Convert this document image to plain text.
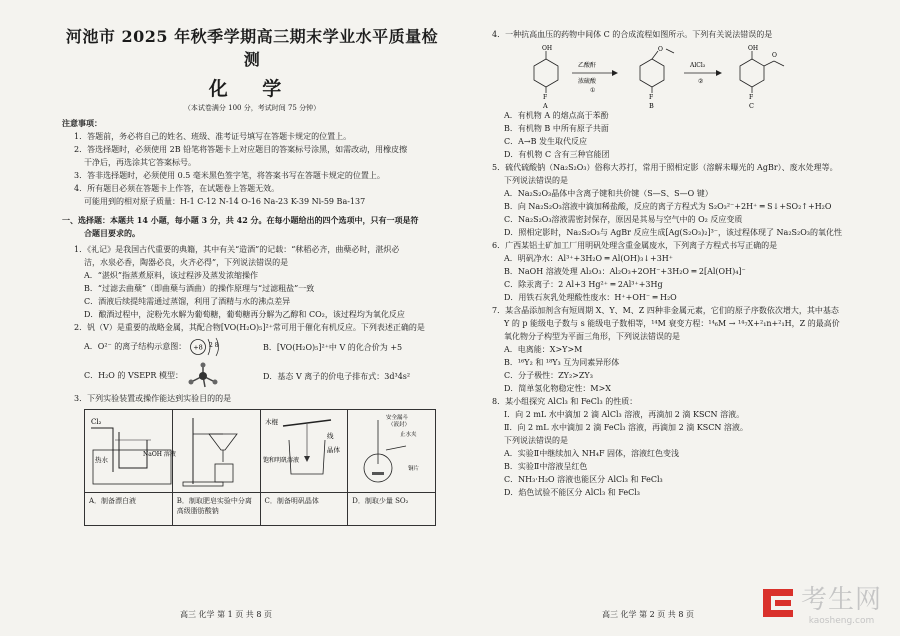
河池市 2025 年秋季学期高三期末学业水平质量检测
化 学
（本试卷满分 100 分，考试时间 75 分钟）
注意事项：
1．答题前，务必将自己的姓名、班级、准考证号填写在答题卡规定的位置上。
2．答选择题时，必须使用 2B 铅笔将答题卡上对应题目的答案标号涂黑，如需改动，用橡皮擦
干净后，再选涂其它答案标号。
3．答非选择题时，必须使用 0.5 毫米黑色签字笔，将答案书写在答题卡规定的位置上。
4．所有题目必须在答题卡上作答，在试题卷上答题无效。
可能用到的相对原子质量：H-1 C-12 N-14 O-16 Na-23 K-39 Ni-59 Ba-137
一、选择题：本题共 14 小题，每小题 3 分，共 42 分。在每小题给出的四个选项中，只有一项是符
合题目要求的。
1．《礼记》是我国古代重要的典籍，其中有关“造酒”的记载：“秫稻必齐，曲蘖必时，湛炽必
洁，水泉必香，陶器必良，火齐必得”，下列说法错误的是
A．“湛炽”指蒸煮原料，该过程涉及蒸发浓缩操作
B．“过滤去曲蘖”（即曲蘖与酒曲）的操作原理与“过滤粗盐”一致
C．酒液后续提纯需通过蒸馏，利用了酒精与水的沸点差异
D．酿酒过程中，淀粉先水解为葡萄糖，葡萄糖再分解为乙醇和 CO₂，该过程均为氧化反应
2．钒（V）是重要的战略金属，其配合物[VO(H₂O)₅]²⁺常可用于催化有机反应。下列表述正确的是
A．O²⁻ 的离子结构示意图： +8 2 8	B．[VO(H₂O)₅]²⁺中 V 的化合价为 +5
C．H₂O 的 VSEPR 模型：	D．基态 V 离子的价电子排布式：3d³4s²
3．下列实验装置或操作能达到实验目的的是
Cl₂
热水
NaOH 溶液
A．制备漂白液	B．制取肥皂实验中分离高级脂肪酸钠
木棍
线
晶体
饱和明矾溶液
C．制备明矾晶体
安全漏斗
（液封）
止水夹
铜片
D．制取少量 SO₂
高三 化学 第 1 页 共 8 页
4．一种抗高血压的药物中间体 C 的合成流程如图所示。下列有关说法错误的是
OH
F
A
乙酸酐
浓硫酸
①
O
F
B
AlCl₃
②
OH
O
F
C
A．有机物 A 的熔点高于苯酚
B．有机物 B 中所有原子共面
C．A→B 发生取代反应
D．有机物 C 含有三种官能团
5．硫代硫酸钠（Na₂S₂O₃）俗称大苏打，常用于照相定影（溶解未曝光的 AgBr）、废水处理等。
下列说法错误的是
A．Na₂S₂O₃晶体中含离子键和共价键（S—S、S—O 键）
B．向 Na₂S₂O₃溶液中滴加稀盐酸，反应的离子方程式为 S₂O₃²⁻+2H⁺ ═ S↓+SO₂↑+H₂O
C．Na₂S₂O₃溶液需密封保存，原因是其易与空气中的 O₂ 反应变质
D．照相定影时，Na₂S₂O₃与 AgBr 反应生成[Ag(S₂O₃)₂]³⁻，该过程体现了 Na₂S₂O₃的氧化性
6．广西某铝土矿加工厂用明矾处理含重金属废水，下列离子方程式书写正确的是
A．明矾净水：Al³⁺+3H₂O ═ Al(OH)₃↓+3H⁺
B．NaOH 溶液处理 Al₂O₃：Al₂O₃+2OH⁻+3H₂O ═ 2[Al(OH)₄]⁻
C．除汞离子：2 Al+3 Hg²⁺ ═ 2Al³⁺+3Hg
D．用铁石灰乳处理酸性废水：H⁺+OH⁻ ═ H₂O
7．某含晶添加剂含有短周期 X、Y、M、Z 四种非金属元素，它们的原子序数依次增大，其中基态
Y 的 p 能级电子数与 s 能级电子数相等，¹⁴M 衰变方程：¹⁴₆M → ¹⁴₇X+²₁n+²₁H，Z 的最高价
氧化物分子构型为平面三角形，下列说法错误的是
A．电离能：X>Y>M
B．¹⁶Y₂ 和 ¹⁸Y₃ 互为同素异形体
C．分子极性：ZY₂>ZY₃
D．简单氢化物稳定性：M>X
8．某小组探究 AlCl₃ 和 FeCl₃ 的性质：
Ⅰ．向 2 mL 水中滴加 2 滴 AlCl₃ 溶液，再滴加 2 滴 KSCN 溶液。
Ⅱ．向 2 mL 水中滴加 2 滴 FeCl₃ 溶液，再滴加 2 滴 KSCN 溶液。
下列说法错误的是
A．实验Ⅱ中继续加入 NH₄F 固体，溶液红色变浅
B．实验Ⅱ中溶液呈红色
C．NH₃·H₂O 溶液也能区分 AlCl₃ 和 FeCl₃
D．焰色试验不能区分 AlCl₃ 和 FeCl₃
高三 化学 第 2 页 共 8 页	考生网
kaosheng.com
